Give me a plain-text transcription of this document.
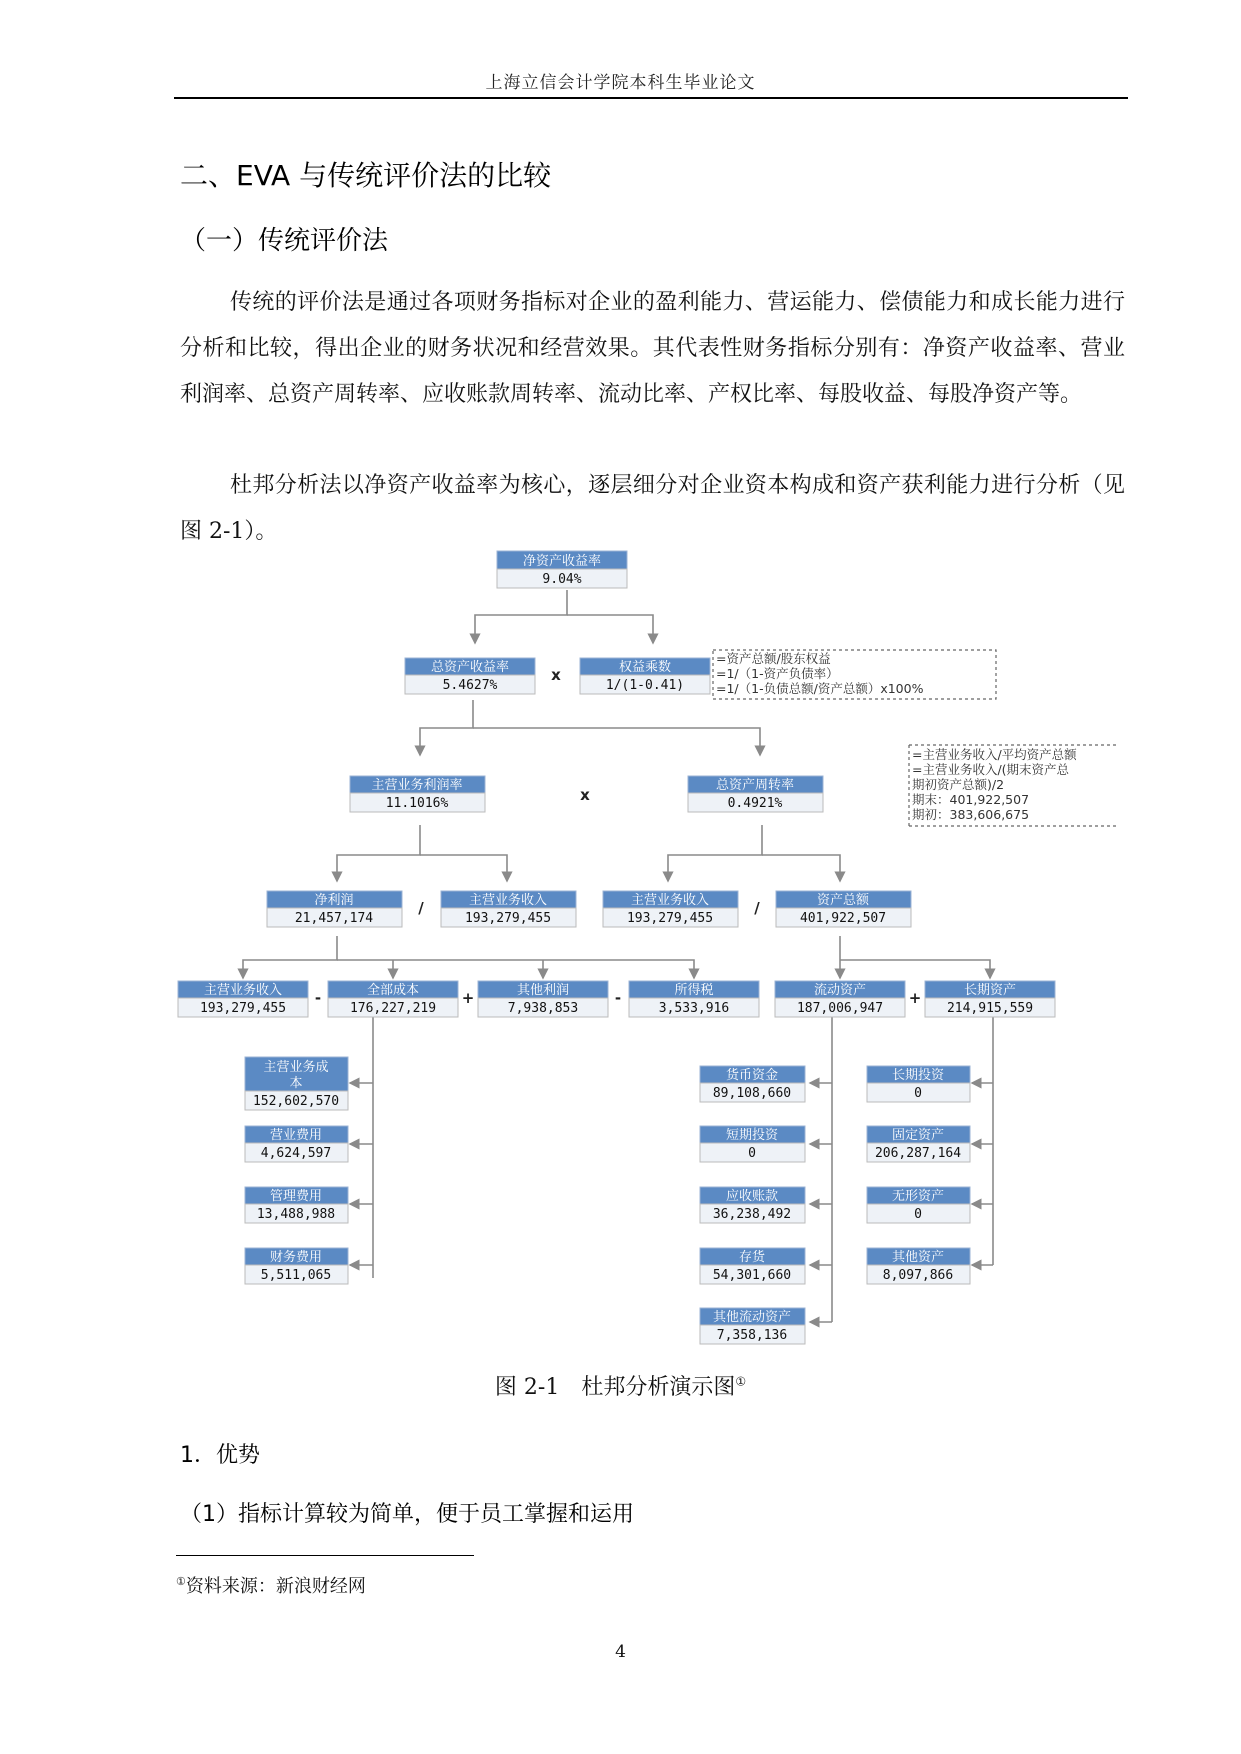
上海立信会计学院本科生毕业论文
二、EVA 与传统评价法的比较
（一）传统评价法
传统的评价法是通过各项财务指标对企业的盈利能力、营运能力、偿债能力和成长能力进行分析和比较，得出企业的财务状况和经营效果。其代表性财务指标分别有：净资产收益率、营业利润率、总资产周转率、应收账款周转率、流动比率、产权比率、每股收益、每股净资产等。
杜邦分析法以净资产收益率为核心，逐层细分对企业资本构成和资产获利能力进行分析（见图 2-1）。
净资产收益率
9.04%
总资产收益率
5.4627%
权益乘数
1/(1-0.41)
主营业务利润率
11.1016%
总资产周转率
0.4921%
净利润
21,457,174
主营业务收入
193,279,455
主营业务收入
193,279,455
资产总额
401,922,507
主营业务收入
193,279,455
全部成本
176,227,219
其他利润
7,938,853
所得税
3,533,916
流动资产
187,006,947
长期资产
214,915,559
主营业务成
本
152,602,570
营业费用
4,624,597
管理费用
13,488,988
财务费用
5,511,065
货币资金
89,108,660
短期投资
0
应收账款
36,238,492
存货
54,301,660
其他流动资产
7,358,136
长期投资
0
固定资产
206,287,164
无形资产
0
其他资产
8,097,866
x
x
/	/
-	+	-	+
=资产总额/股东权益
=1/（1-资产负债率）
=1/（1-负债总额/资产总额）x100%
=主营业务收入/平均资产总额
=主营业务收入/(期末资产总
期初资产总额)/2
期末：401,922,507
期初：383,606,675
图 2-1　杜邦分析演示图①
1．优势
（1）指标计算较为简单，便于员工掌握和运用
①资料来源：新浪财经网
4
